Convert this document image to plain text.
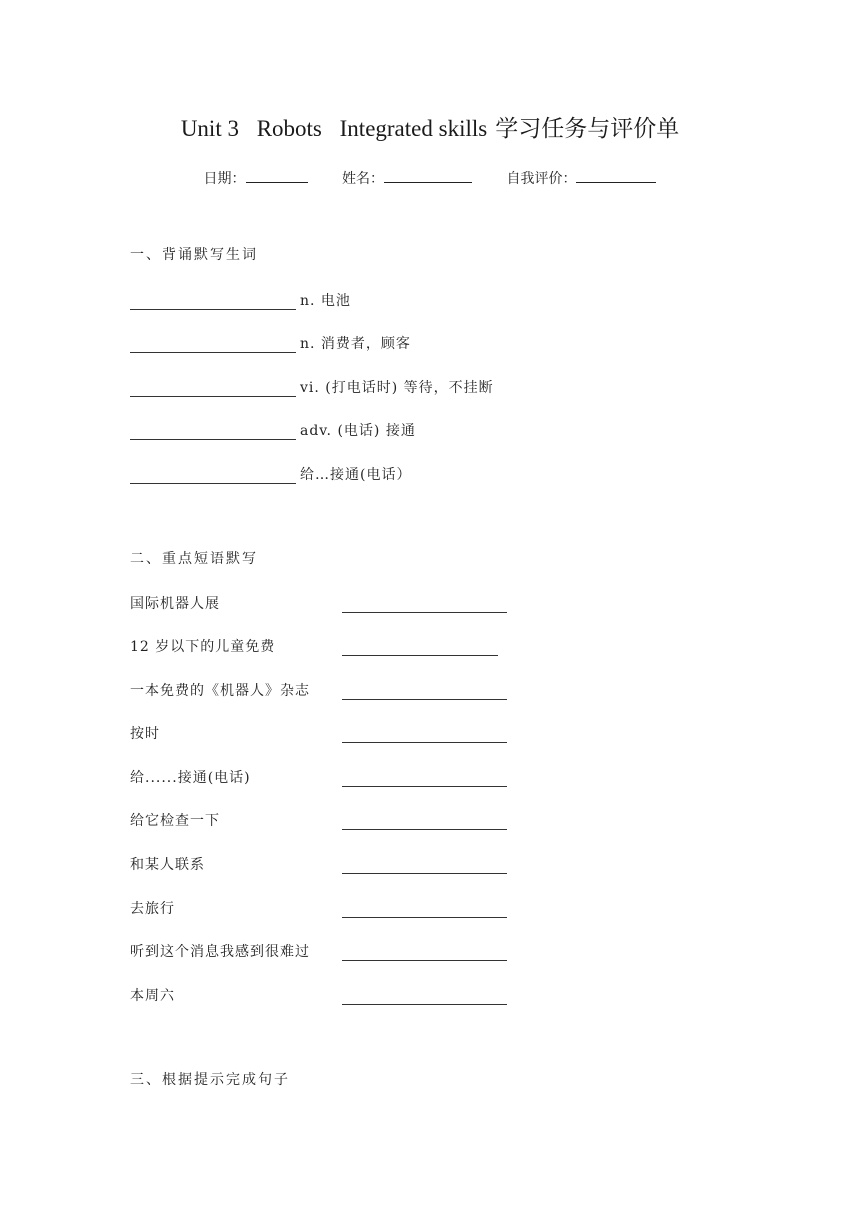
Unit 3 Robots Integrated skills 学习任务与评价单
日期：	姓名：	自我评价：
一、背诵默写生词
n. 电池
n. 消费者，顾客
vi. (打电话时) 等待，不挂断
adv. (电话) 接通
给…接通(电话）
二、重点短语默写
国际机器人展
12 岁以下的儿童免费
一本免费的《机器人》杂志
按时
给......接通(电话)
给它检查一下
和某人联系
去旅行
听到这个消息我感到很难过
本周六
三、根据提示完成句子
